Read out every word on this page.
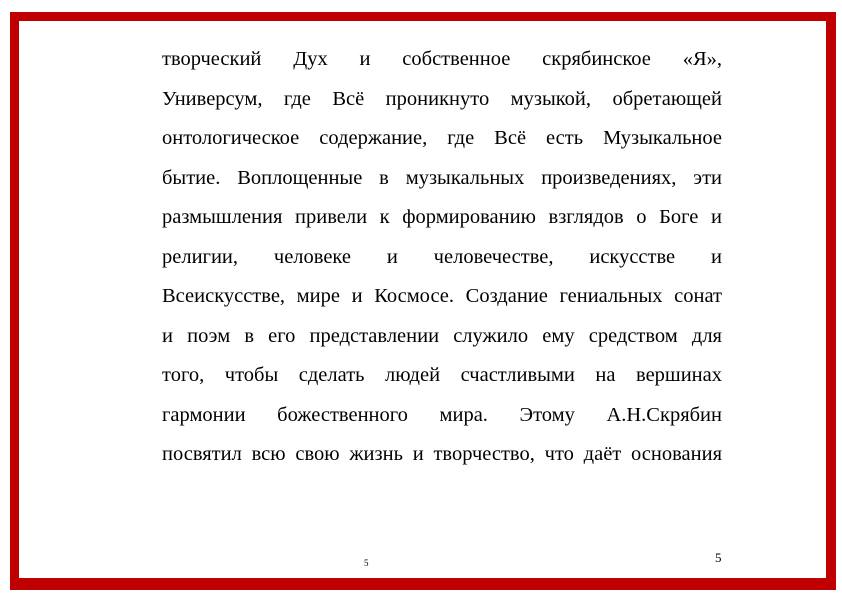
творческий Дух и собственное скрябинское «Я»,
Универсум, где Всё проникнуто музыкой, обретающей
онтологическое содержание, где Всё есть Музыкальное
бытие. Воплощенные в музыкальных произведениях, эти
размышления привели к формированию взглядов о Боге и
религии, человеке и человечестве, искусстве и
Всеискусстве, мире и Космосе. Создание гениальных сонат
и поэм в его представлении служило ему средством для
того, чтобы сделать людей счастливыми на вершинах
гармонии божественного мира. Этому А.Н.Скрябин
посвятил всю свою жизнь и творчество, что даёт основания
5	5
